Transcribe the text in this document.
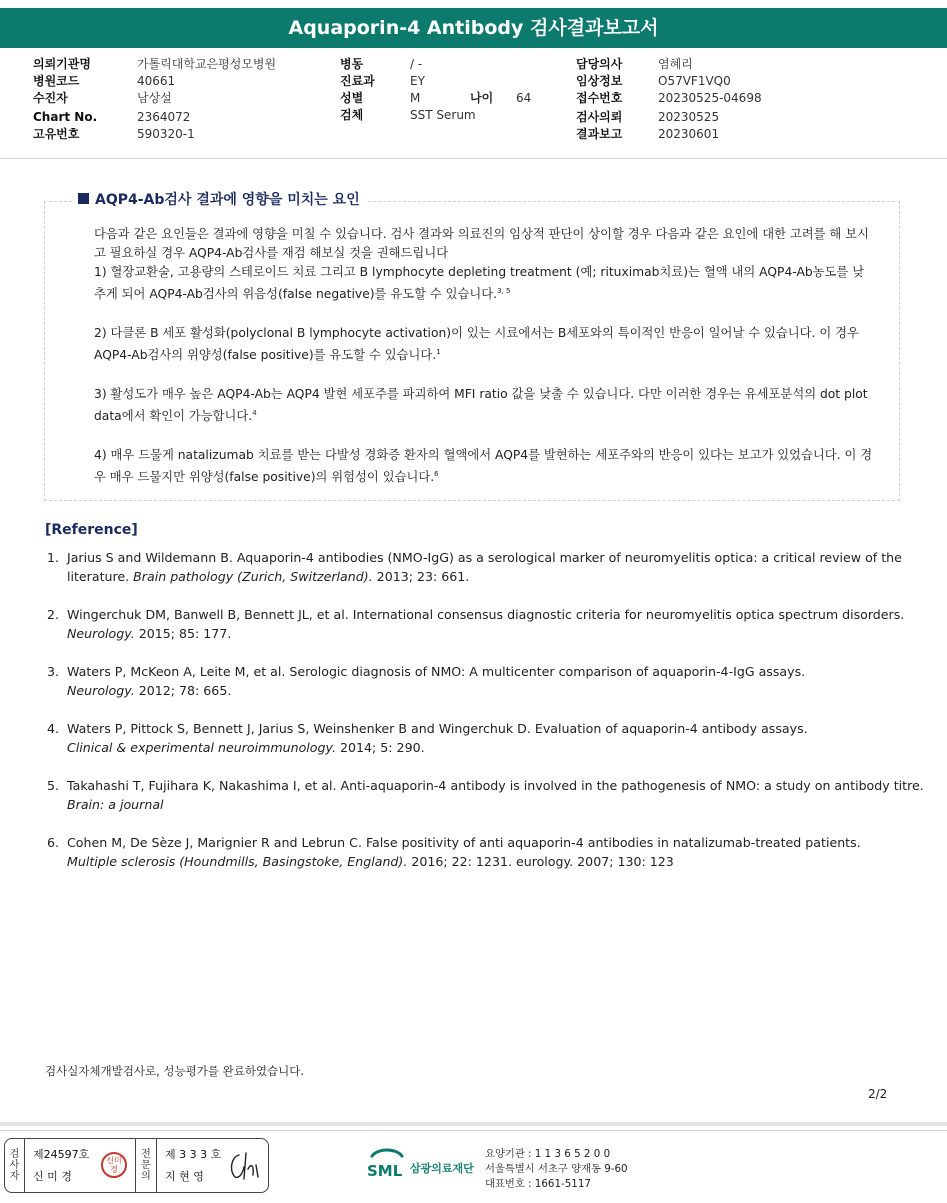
Aquaporin-4 Antibody 검사결과보고서
의뢰기관명	가톨릭대학교은평성모병원
병원코드	40661
수진자	남상설
Chart No.	2364072
고유번호	590320-1
병동	/ -
진료과	EY
성별	M	나이 64
검체	SST Serum
담당의사	염혜리
임상정보	O57VF1VQ0
접수번호	20230525-04698
검사의뢰	20230525
결과보고	20230601
AQP4-Ab검사 결과에 영향을 미치는 요인

다음과 같은 요인들은 결과에 영향을 미칠 수 있습니다. 검사 결과와 의료진의 임상적 판단이 상이할 경우 다음과 같은 요인에 대한 고려를 해 보시고 필요하실 경우 AQP4-Ab검사를 재검 해보실 것을 권해드립니다

1) 혈장교환술, 고용량의 스테로이드 치료 그리고 B lymphocyte depleting treatment (예; rituximab치료)는 혈액 내의 AQP4-Ab농도를 낮추게 되어 AQP4-Ab검사의 위음성(false negative)를 유도할 수 있습니다.$^{3, 5}$

2) 다클론 B 세포 활성화(polyclonal B lymphocyte activation)이 있는 시료에서는 B세포와의 특이적인 반응이 일어날 수 있습니다. 이 경우 AQP4-Ab검사의 위양성(false positive)를 유도할 수 있습니다.$^1$

3) 활성도가 매우 높은 AQP4-Ab는 AQP4 발현 세포주를 파괴하여 MFI ratio 값을 낮출 수 있습니다. 다만 이러한 경우는 유세포분석의 dot plot data에서 확인이 가능합니다.$^4$

4) 매우 드물게 natalizumab 치료를 받는 다발성 경화증 환자의 혈액에서 AQP4를 발현하는 세포주와의 반응이 있다는 보고가 있었습니다. 이 경우 매우 드물지만 위양성(false positive)의 위험성이 있습니다.$^6$

[Reference]
1. Jarius S and Wildemann B. Aquaporin-4 antibodies (NMO-IgG) as a serological marker of neuromyelitis optica: a critical review of the literature. Brain pathology (Zurich, Switzerland). 2013; 23: 661.
2. Wingerchuk DM, Banwell B, Bennett JL, et al. International consensus diagnostic criteria for neuromyelitis optica spectrum disorders. Neurology. 2015; 85: 177.
3. Waters P, McKeon A, Leite M, et al. Serologic diagnosis of NMO: A multicenter comparison of aquaporin-4-IgG assays.
Neurology. 2012; 78: 665.
4. Waters P, Pittock S, Bennett J, Jarius S, Weinshenker B and Wingerchuk D. Evaluation of aquaporin-4 antibody assays.
Clinical & experimental neuroimmunology. 2014; 5: 290.
5. Takahashi T, Fujihara K, Nakashima I, et al. Anti-aquaporin-4 antibody is involved in the pathogenesis of NMO: a study on antibody titre. Brain: a journal
6. Cohen M, De Sèze J, Marignier R and Lebrun C. False positivity of anti aquaporin-4 antibodies in natalizumab-treated patients.
Multiple sclerosis (Houndmills, Basingstoke, England). 2016; 22: 1231. eurology. 2007; 130: 123
검사실자체개발검사로, 성능평가를 완료하였습니다.
2/2
검
사
자
제24597호
신 미 경
신미경
전
문
의
제 3 3 3 호
지 현 영	SML 삼광의료재단
요양기관 : 1 1 3 6 5 2 0 0
서울특별시 서초구 양재동 9-60
대표번호 : 1661-5117
